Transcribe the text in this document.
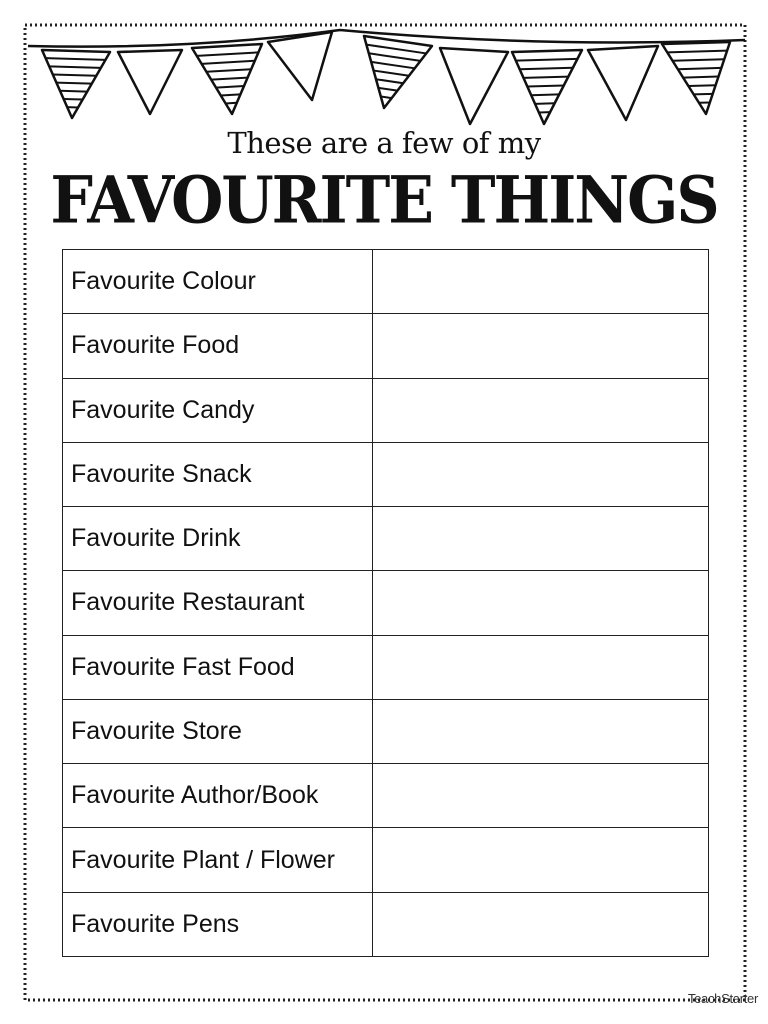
These are a few of my
FAVOURITE THINGS
Favourite Colour	
Favourite Food	
Favourite Candy	
Favourite Snack	
Favourite Drink	
Favourite Restaurant	
Favourite Fast Food	
Favourite Store	
Favourite Author/Book	
Favourite Plant / Flower	
Favourite Pens	
TeachStarter
